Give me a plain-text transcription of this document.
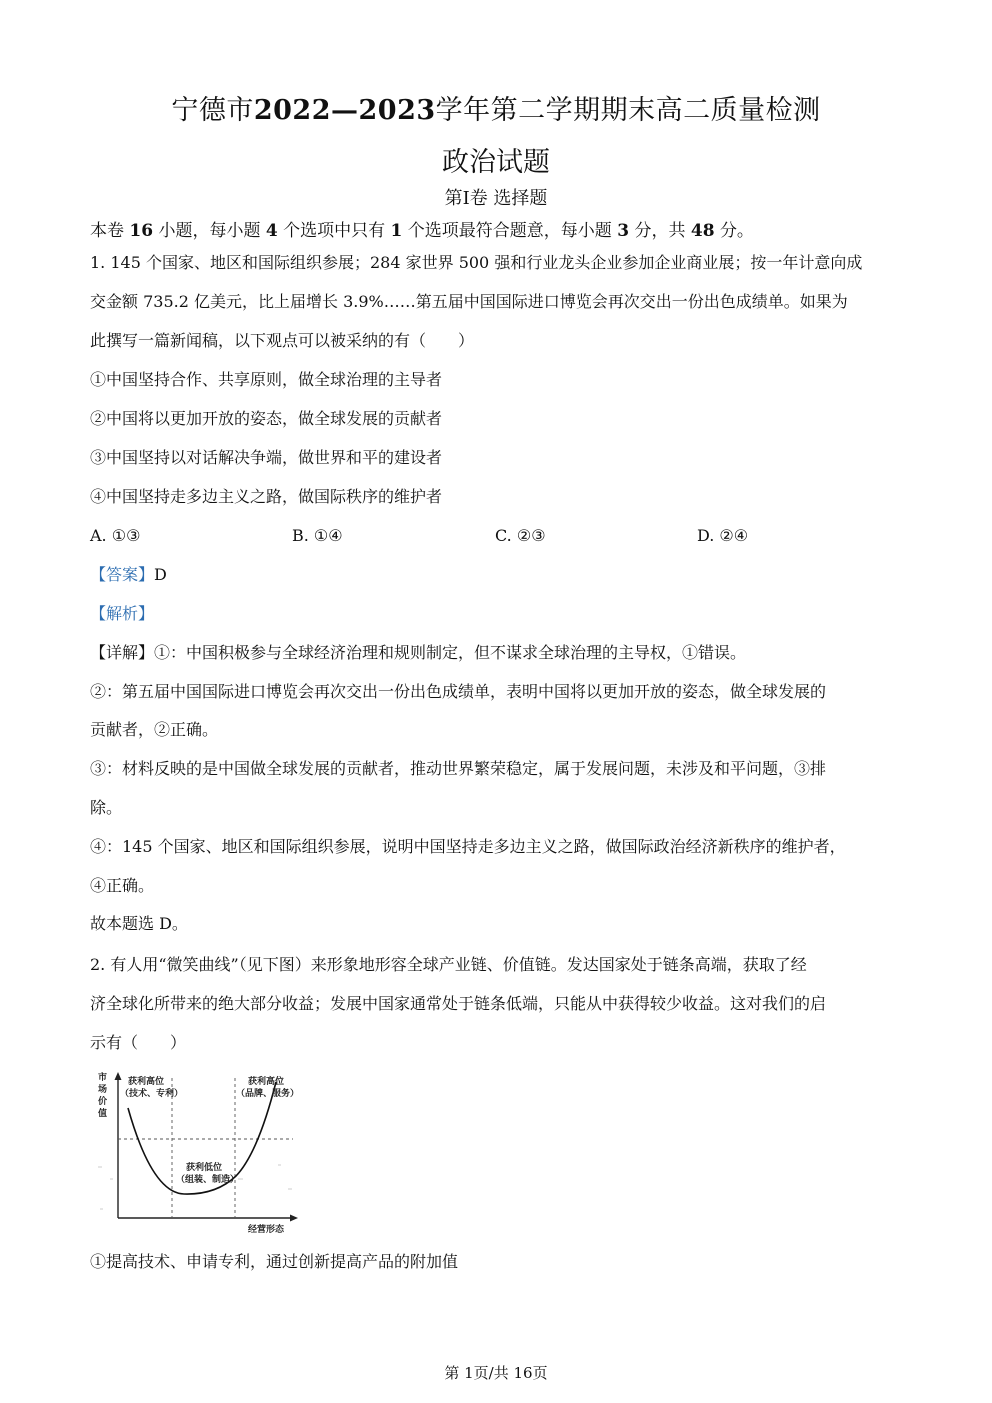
宁德市2022—2023学年第二学期期末高二质量检测
政治试题
第Ⅰ卷 选择题
本卷 16 小题，每小题 4 个选项中只有 1 个选项最符合题意，每小题 3 分，共 48 分。
1. 145 个国家、地区和国际组织参展；284 家世界 500 强和行业龙头企业参加企业商业展；按一年计意向成
交金额 735.2 亿美元，比上届增长 3.9%……第五届中国国际进口博览会再次交出一份出色成绩单。如果为
此撰写一篇新闻稿，以下观点可以被采纳的有（　　）
①中国坚持合作、共享原则，做全球治理的主导者
②中国将以更加开放的姿态，做全球发展的贡献者
③中国坚持以对话解决争端，做世界和平的建设者
④中国坚持走多边主义之路，做国际秩序的维护者
A. ①③	B. ①④	C. ②③	D. ②④
【答案】D
【解析】
【详解】①：中国积极参与全球经济治理和规则制定，但不谋求全球治理的主导权，①错误。
②：第五届中国国际进口博览会再次交出一份出色成绩单，表明中国将以更加开放的姿态，做全球发展的
贡献者，②正确。
③：材料反映的是中国做全球发展的贡献者，推动世界繁荣稳定，属于发展问题，未涉及和平问题，③排
除。
④：145 个国家、地区和国际组织参展，说明中国坚持走多边主义之路，做国际政治经济新秩序的维护者，
④正确。
故本题选 D。
2. 有人用“微笑曲线”（见下图）来形象地形容全球产业链、价值链。发达国家处于链条高端，获取了经
济全球化所带来的绝大部分收益；发展中国家通常处于链条低端，只能从中获得较少收益。这对我们的启
示有（　　）
市
场
价
值
获利高位
（技术、专利）
获利低位
（组装、制造）
获利高位
（品牌、服务）
经营形态
①提高技术、申请专利，通过创新提高产品的附加值
第 1页/共 16页
